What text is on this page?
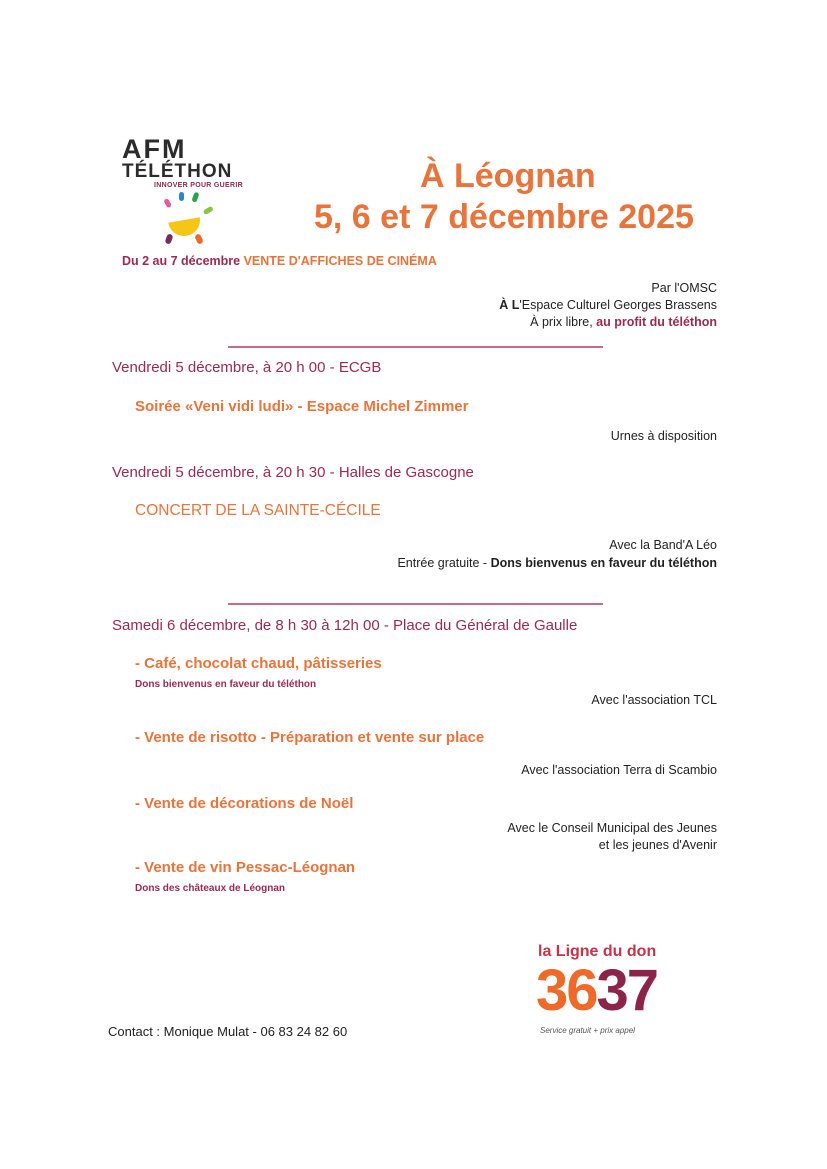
AFM
TÉLÉTHON
INNOVER POUR GUERIR	À Léognan
5, 6 et 7 décembre 2025
Du 2 au 7 décembre VENTE D'AFFICHES DE CINÉMA
Par l'OMSC
À L'Espace Culturel Georges Brassens
À prix libre, au profit du téléthon
Vendredi 5 décembre, à 20 h 00 - ECGB
Soirée «Veni vidi ludi» - Espace Michel Zimmer
Urnes à disposition
Vendredi 5 décembre, à 20 h 30 - Halles de Gascogne
CONCERT DE LA SAINTE-CÉCILE
Avec la Band'A Léo
Entrée gratuite - Dons bienvenus en faveur du téléthon
Samedi 6 décembre, de 8 h 30 à 12h 00 - Place du Général de Gaulle
- Café, chocolat chaud, pâtisseries
Dons bienvenus en faveur du téléthon
Avec l'association TCL
- Vente de risotto - Préparation et vente sur place
Avec l'association Terra di Scambio
- Vente de décorations de Noël
Avec le Conseil Municipal des Jeunes
et les jeunes d'Avenir
- Vente de vin Pessac-Léognan
Dons des châteaux de Léognan
Contact : Monique Mulat - 06 83 24 82 60
la Ligne du don
3637
Service gratuit + prix appel
